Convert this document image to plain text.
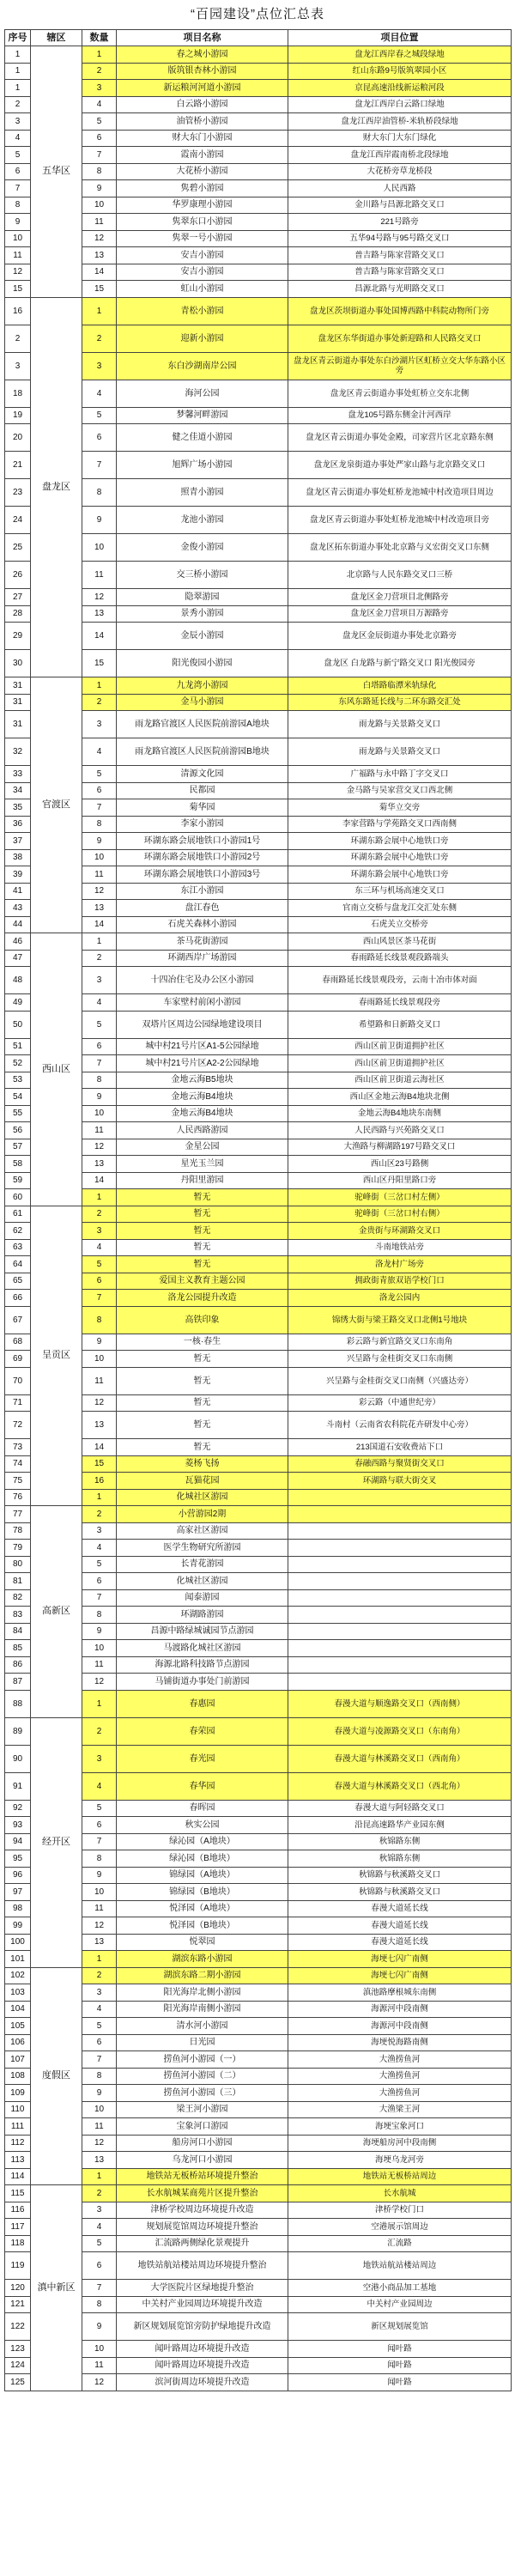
“百园建设”点位汇总表
序号	辖区	数量	项目名称	项目位置
1	五华区	1	春之城小游园	盘龙江西岸春之城段绿地
1		2	版筑银杏林小游园	红山东路9号版筑翠园小区
1		3	新运粮河河道小游园	京昆高速沿线新运粮河段
2		4	白云路小游园	盘龙江西岸白云路口绿地
3		5	油管桥小游园	盘龙江西岸油管桥-米轨桥段绿地
4		6	财大东门小游园	财大东门大东门绿化
5		7	霞南小游园	盘龙江西岸霞南桥北段绿地
6		8	大花桥小游园	大花桥旁草龙桥段
7		9	隽碧小游园	人民西路
8		10	华罗康理小游园	金川路与昌源北路交叉口
9		11	隽翠东口小游园	221号路旁
10		12	隽翠一号小游园	五华94号路与95号路交叉口
11		13	安吉小游园	普吉路与陈家营路交叉口
12		14	安吉小游园	普吉路与陈家营路交叉口
15		15	虹山小游园	昌源北路与光明路交叉口
16	盘龙区	1	青松小游园	盘龙区茨坝街道办事处国博西路中科院动物所门旁
2		2	迎新小游园	盘龙区东华街道办事处新迎路和人民路交叉口
3		3	东白沙湖南岸公园	盘龙区青云街道办事处东白沙湖片区虹桥立交大华东路小区旁
18		4	海河公园	盘龙区青云街道办事处虹桥立交东北侧
19		5	梦馨河畔游园	盘龙105号路东侧金汁河西岸
20		6	健之佳道小游园	盘龙区青云街道办事处金殿，司家营片区北京路东侧
21		7	旭辉广场小游园	盘龙区龙泉街道办事处严家山路与北京路交叉口
23		8	照青小游园	盘龙区青云街道办事处虹桥龙池城中村改造项目周边
24		9	龙池小游园	盘龙区青云街道办事处虹桥龙池城中村改造项目旁
25		10	金俊小游园	盘龙区拓东街道办事处北京路与义宏街交叉口东侧
26		11	交三桥小游园	北京路与人民东路交叉口三桥
27		12	隐翠游园	盘龙区金刀营项目北侧路旁
28		13	景秀小游园	盘龙区金刀营项目万源路旁
29		14	金辰小游园	盘龙区金辰街道办事处北京路旁
30		15	阳光俊园小游园	盘龙区 白龙路与新宁路交叉口 阳光俊园旁
31	官渡区	1	九龙湾小游园	白塔路临潭米轨绿化
31		2	金马小游园	东风东路延长线与二环东路交汇处
31		3	雨龙路官渡区人民医院前游园A地块	雨龙路与关景路交叉口
32		4	雨龙路官渡区人民医院前游园B地块	雨龙路与关景路交叉口
33		5	清源文化园	广福路与永中路丁字交叉口
34		6	民都园	金马路与吴家营交叉口西北侧
35		7	菊华园	菊华立交旁
36		8	李家小游园	李家营路与学苑路交叉口西南侧
37		9	环湖东路会展地铁口小游园1号	环湖东路会展中心地铁口旁
38		10	环湖东路会展地铁口小游园2号	环湖东路会展中心地铁口旁
39		11	环湖东路会展地铁口小游园3号	环湖东路会展中心地铁口旁
41		12	东江小游园	东三环与机场高速交叉口
43		13	盘江春色	官南立交桥与盘龙江交汇处东侧
44		14	石虎关森林小游园	石虎关立交桥旁
46	西山区	1	茶马花街游园	西山风景区茶马花街
47		2	环湖西岸广场游园	春雨路延长线景观段路端头
48		3	十四冶住宅及办公区小游园	春雨路延长线景观段旁，云南十冶市体对面
49		4	车家壁村前闲小游园	春雨路延长线景观段旁
50		5	双塔片区周边公园绿地建设项目	希望路和日新路交叉口
51		6	城中村21号片区A1-5公园绿地	西山区前卫街道拥护社区
52		7	城中村21号片区A2-2公园绿地	西山区前卫街道拥护社区
53		8	金地云海B5地块	西山区前卫街道云海社区
54		9	金地云海B4地块	西山区金地云海B4地块北侧
55		10	金地云海B4地块	金地云海B4地块东南侧
56		11	人民西路游园	人民西路与兴苑路交叉口
57		12	金星公园	大渔路与柳湖路197号路交叉口
58		13	星光玉兰园	西山区23号路侧
59		14	丹阳里游园	西山区丹阳里路口旁
60		1	暂无	驼峰街（三岔口村左侧）
61	呈贡区	2	暂无	驼峰街（三岔口村右侧）
62		3	暂无	金贵街与环湖路交叉口
63		4	暂无	斗南地铁站旁
64		5	暂无	洛龙村广场旁
65		6	爱国主义教育主题公园	拥政街青旅双语学校门口
66		7	洛龙公园提升改造	洛龙公园内
67		8	高铁印象	锦绣大街与梁王路交叉口北侧1号地块
68		9	一核·春生	彩云路与新宜路交叉口东南角
69		10	暂无	兴呈路与金桂街交叉口东南侧
70		11	暂无	兴呈路与金桂街交叉口南侧（兴盛达旁）
71		12	暂无	彩云路（中通世纪旁）
72		13	暂无	斗南村（云南省农科院花卉研发中心旁）
73		14	暂无	213国道石安收费站下口
74		15	菱杨飞扬	春融西路与聚贤街交叉口
75		16	瓦猫花园	环湖路与联大街交叉
76		1	化城社区游园	
77	高新区	2	小营游园2期	
78		3	高家社区游园	
79		4	医学生物研究所游园	
80		5	长青花游园	
81		6	化城社区游园	
82		7	闻泰游园	
83		8	环湖路游园	
84		9	昌源中路绿城诚园节点游园	
85		10	马渡路化城社区游园	
86		11	海源北路科技路节点游园	
87		12	马铺街道办事处门前游园	
88		1	春惠园	春漫大道与顺逸路交叉口（西南侧）
89	经开区	2	春荣园	春漫大道与凌源路交叉口（东南角）
90		3	春光园	春漫大道与林溪路交叉口（西南角）
91		4	春华园	春漫大道与林溪路交叉口（西北角）
92		5	春晖园	春漫大道与阿轻路交叉口
93		6	秋实公园	沿昆高速路华产业园东侧
94		7	绿沁园（A地块）	秋锦路东侧
95		8	绿沁园（B地块）	秋锦路东侧
96		9	锦绿园（A地块）	秋锦路与秋溪路交叉口
97		10	锦绿园（B地块）	秋锦路与秋溪路交叉口
98		11	悦泽园（A地块）	春漫大道延长线
99		12	悦泽园（B地块）	春漫大道延长线
100		13	悦翠园	春漫大道延长线
101		1	湖滨东路小游园	海埂七闪广南侧
102	度假区	2	湖滨东路二期小游园	海埂七闪广南侧
103		3	阳光海岸北侧小游园	滇池路摩根城东南侧
104		4	阳光海岸南侧小游园	海源河中段南侧
105		5	清水河小游园	海源河中段南侧
106		6	日光园	海埂悦海路南侧
107		7	捞鱼河小游园（一）	大渔捞鱼河
108		8	捞鱼河小游园（二）	大渔捞鱼河
109		9	捞鱼河小游园（三）	大渔捞鱼河
110		10	梁王河小游园	大渔梁王河
111		11	宝象河口游园	海埂宝象河口
112		12	船房河口小游园	海埂船房河中段南侧
113		13	乌龙河口小游园	海埂乌龙河旁
114		1	地铁站无板桥站环境提升整治	地铁站无板桥站周边
115	滇中新区	2	长水航城某商苑片区提升整治	长水航城
116		3	津桥学校周边环境提升改造	津桥学校门口
117		4	规划展览馆周边环境提升整治	空港展示馆周边
118		5	汇流路两侧绿化景观提升	汇流路
119		6	地铁站航站楼站周边环境提升整治	地铁站航站楼站周边
120		7	大学医院片区绿地提升整治	空港小商品加工基地
121		8	中关村产业园周边环境提升改造	中关村产业园周边
122		9	新区规划展览馆旁防护绿地提升改造	新区规划展览馆
123		10	闻叶路周边环境提升改造	闻叶路
124		11	闻叶路周边环境提升改造	闻叶路
125		12	滨河街周边环境提升改造	闻叶路
